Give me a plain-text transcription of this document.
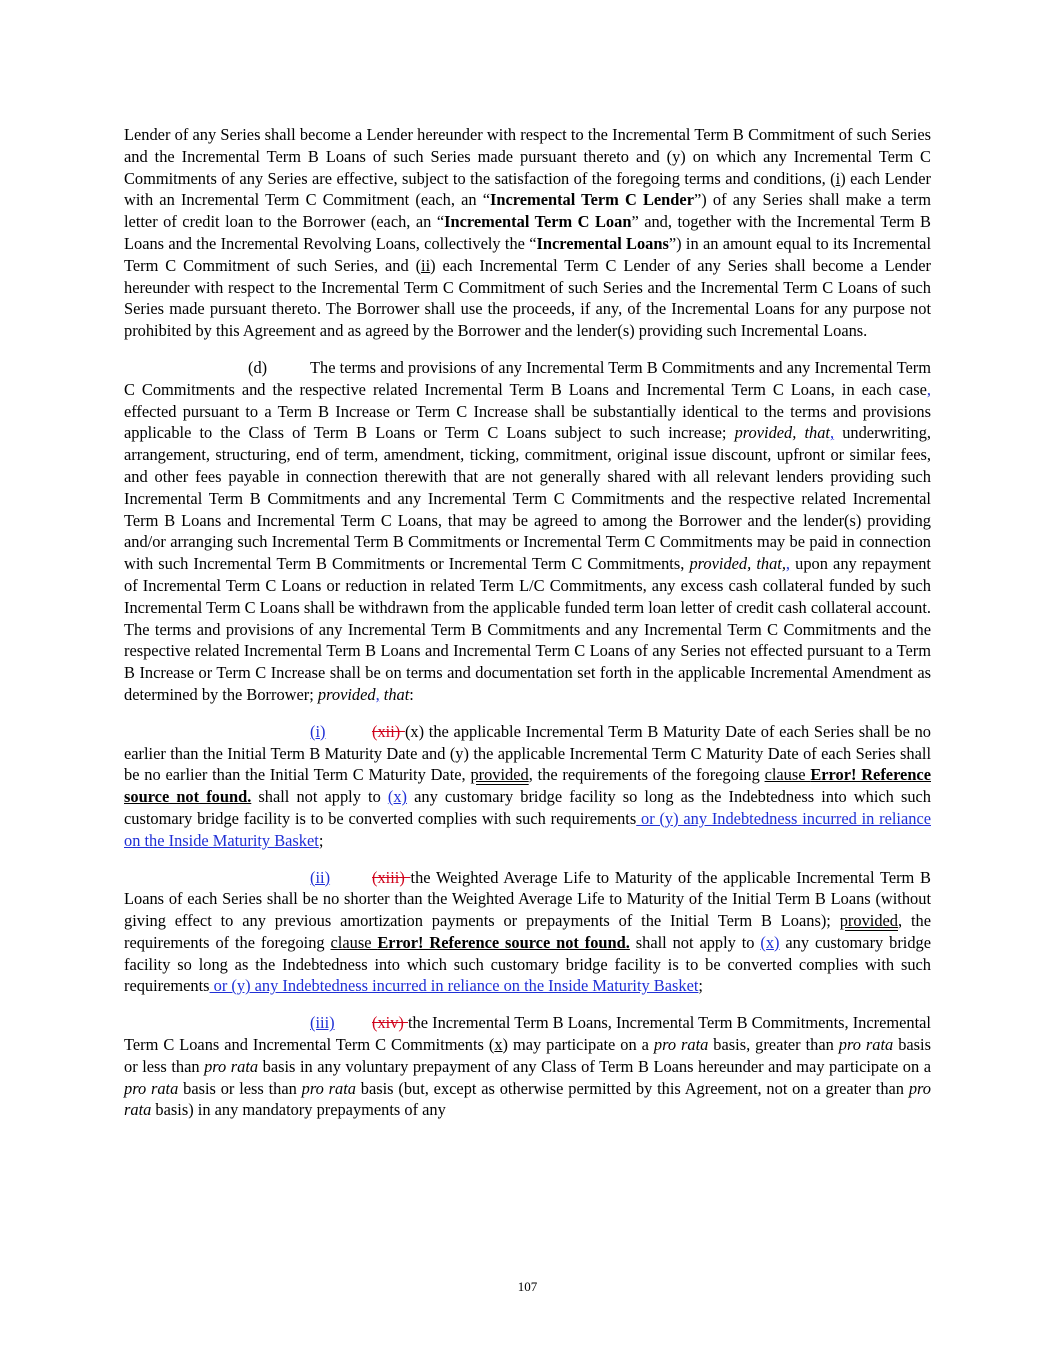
Lender of any Series shall become a Lender hereunder with respect to the Incremental Term B Commitment of such Series and the Incremental Term B Loans of such Series made pursuant thereto and (y) on which any Incremental Term C Commitments of any Series are effective, subject to the satisfaction of the foregoing terms and conditions, (i) each Lender with an Incremental Term C Commitment (each, an “Incremental Term C Lender”) of any Series shall make a term letter of credit loan to the Borrower (each, an “Incremental Term C Loan” and, together with the Incremental Term B Loans and the Incremental Revolving Loans, collectively the “Incremental Loans”) in an amount equal to its Incremental Term C Commitment of such Series, and (ii) each Incremental Term C Lender of any Series shall become a Lender hereunder with respect to the Incremental Term C Commitment of such Series and the Incremental Term C Loans of such Series made pursuant thereto. The Borrower shall use the proceeds, if any, of the Incremental Loans for any purpose not prohibited by this Agreement and as agreed by the Borrower and the lender(s) providing such Incremental Loans.

(d)	The terms and provisions of any Incremental Term B Commitments and any Incremental Term C Commitments and the respective related Incremental Term B Loans and Incremental Term C Loans, in each case, effected pursuant to a Term B Increase or Term C Increase shall be substantially identical to the terms and provisions applicable to the Class of Term B Loans or Term C Loans subject to such increase; provided, that, underwriting, arrangement, structuring, end of term, amendment, ticking, commitment, original issue discount, upfront or similar fees, and other fees payable in connection therewith that are not generally shared with all relevant lenders providing such Incremental Term B Commitments and any Incremental Term C Commitments and the respective related Incremental Term B Loans and Incremental Term C Loans, that may be agreed to among the Borrower and the lender(s) providing and/or arranging such Incremental Term B Commitments or Incremental Term C Commitments may be paid in connection with such Incremental Term B Commitments or Incremental Term C Commitments, provided, that,, upon any repayment of Incremental Term C Loans or reduction in related Term L/C Commitments, any excess cash collateral funded by such Incremental Term C Loans shall be withdrawn from the applicable funded term loan letter of credit cash collateral account. The terms and provisions of any Incremental Term B Commitments and any Incremental Term C Commitments and the respective related Incremental Term B Loans and Incremental Term C Loans of any Series not effected pursuant to a Term B Increase or Term C Increase shall be on terms and documentation set forth in the applicable Incremental Amendment as determined by the Borrower; provided, that:

(i)	(xii) (x) the applicable Incremental Term B Maturity Date of each Series shall be no earlier than the Initial Term B Maturity Date and (y) the applicable Incremental Term C Maturity Date of each Series shall be no earlier than the Initial Term C Maturity Date, provided, the requirements of the foregoing clause Error! Reference source not found. shall not apply to (x) any customary bridge facility so long as the Indebtedness into which such customary bridge facility is to be converted complies with such requirements or (y) any Indebtedness incurred in reliance on the Inside Maturity Basket;

(ii)	(xiii) the Weighted Average Life to Maturity of the applicable Incremental Term B Loans of each Series shall be no shorter than the Weighted Average Life to Maturity of the Initial Term B Loans (without giving effect to any previous amortization payments or prepayments of the Initial Term B Loans); provided, the requirements of the foregoing clause Error! Reference source not found. shall not apply to (x) any customary bridge facility so long as the Indebtedness into which such customary bridge facility is to be converted complies with such requirements or (y) any Indebtedness incurred in reliance on the Inside Maturity Basket;

(iii) (xiv) the Incremental Term B Loans, Incremental Term B Commitments, Incremental Term C Loans and Incremental Term C Commitments (x) may participate on a pro rata basis, greater than pro rata basis or less than pro rata basis in any voluntary prepayment of any Class of Term B Loans hereunder and may participate on a pro rata basis or less than pro rata basis (but, except as otherwise permitted by this Agreement, not on a greater than pro rata basis) in any mandatory prepayments of any

107
